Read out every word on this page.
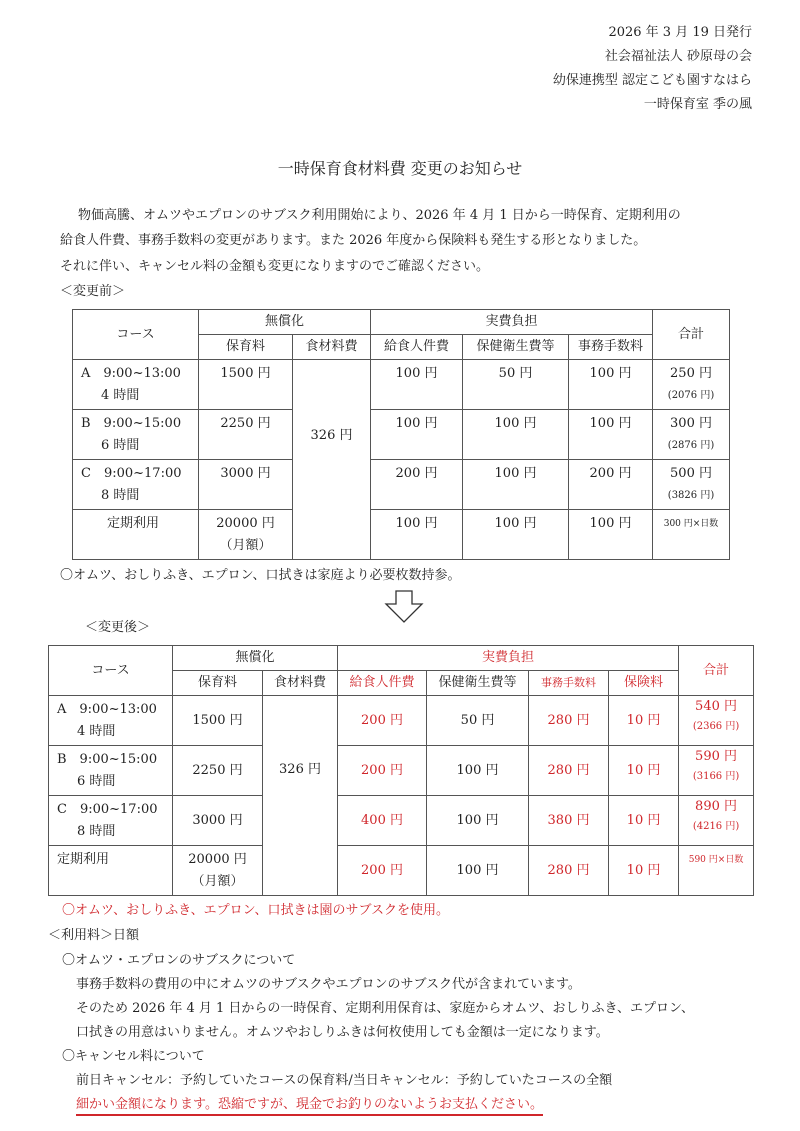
2026 年 3 月 19 日発行
社会福祉法人 砂原母の会
幼保連携型 認定こども園すなはら
一時保育室 季の風
一時保育食材料費 変更のお知らせ
物価高騰、オムツやエプロンのサブスク利用開始により、2026 年 4 月 1 日から一時保育、定期利用の
給食人件費、事務手数料の変更があります。また 2026 年度から保険料も発生する形となりました。
それに伴い、キャンセル料の金額も変更になりますのでご確認ください。
＜変更前＞
コース	無償化		実費負担			合計
	保育料	食材料費	給食人件費	保健衛生費等	事務手数料	

A　9:00~13:00
4 時間	1500 円	326 円	100 円	50 円	100 円	250 円
(2076 円)

B　9:00~15:00
6 時間	2250 円		100 円	100 円	100 円	300 円
(2876 円)

C　9:00~17:00
8 時間	3000 円		200 円	100 円	200 円	500 円
(3826 円)

定期利用	20000 円
（月額）		100 円	100 円	100 円	300 円×日数
〇オムツ、おしりふき、エプロン、口拭きは家庭より必要枚数持参。
＜変更後＞
コース	無償化		実費負担				合計
	保育料	食材料費	給食人件費	保健衛生費等	事務手数料	保険料	

A　9:00~13:00
4 時間	1500 円	326 円	200 円	50 円	280 円	10 円	540 円
(2366 円)

B　9:00~15:00
6 時間	2250 円		200 円	100 円	280 円	10 円	590 円
(3166 円)

C　9:00~17:00
8 時間	3000 円		400 円	100 円	380 円	10 円	890 円
(4216 円)

定期利用	20000 円
（月額）		200 円	100 円	280 円	10 円	590 円×日数
〇オムツ、おしりふき、エプロン、口拭きは園のサブスクを使用。
＜利用料＞日額
〇オムツ・エプロンのサブスクについて
事務手数料の費用の中にオムツのサブスクやエプロンのサブスク代が含まれています。
そのため 2026 年 4 月 1 日からの一時保育、定期利用保育は、家庭からオムツ、おしりふき、エプロン、
口拭きの用意はいりません。オムツやおしりふきは何枚使用しても金額は一定になります。
〇キャンセル料について
前日キャンセル：予約していたコースの保育料/当日キャンセル：予約していたコースの全額
細かい金額になります。恐縮ですが、現金でお釣りのないようお支払ください。
